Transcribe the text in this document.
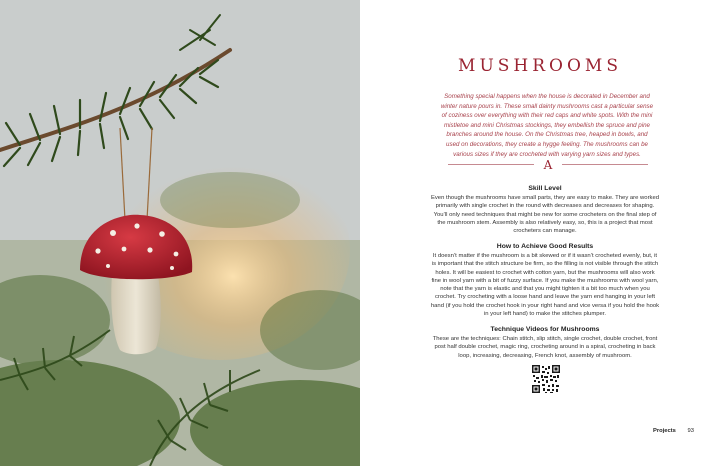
MUSHROOMS
Something special happens when the house is decorated in December and winter nature pours in. These small dainty mushrooms cast a particular sense of coziness over everything with their red caps and white spots. With the mini mistletoe and mini Christmas stockings, they embellish the spruce and pine branches around the house. On the Christmas tree, heaped in bowls, and used on decorations, they create a hygge feeling. The mushrooms can be various sizes if they are crocheted with varying yarn sizes and types.
A
Skill Level

Even though the mushrooms have small parts, they are easy to make. They are worked primarily with single crochet in the round with decreases and decreases for shaping. You’ll only need techniques that might be new for some crocheters on the final step of the mushroom stem. Assembly is also relatively easy, so, this is a project that most crocheters can manage.

How to Achieve Good Results

It doesn’t matter if the mushroom is a bit skewed or if it wasn’t crocheted evenly, but, it is important that the stitch structure be firm, so the filling is not visible through the stitch holes. It will be easiest to crochet with cotton yarn, but the mushrooms will also work fine in wool yarn with a bit of fuzzy surface. If you make the mushrooms with wool yarn, note that the yarn is elastic and that you might tighten it a bit too much when you crochet. Try crocheting with a loose hand and leave the yarn end hanging in your left hand (if you hold the crochet hook in your right hand and vice versa if you hold the hook in your left hand) to make the stitches plumper.

Technique Videos for Mushrooms

These are the techniques: Chain stitch, slip stitch, single crochet, double crochet, front post half double crochet, magic ring, crocheting around in a spiral, crocheting in back loop, increasing, decreasing, French knot, assembly of mushroom.

Projects 93
